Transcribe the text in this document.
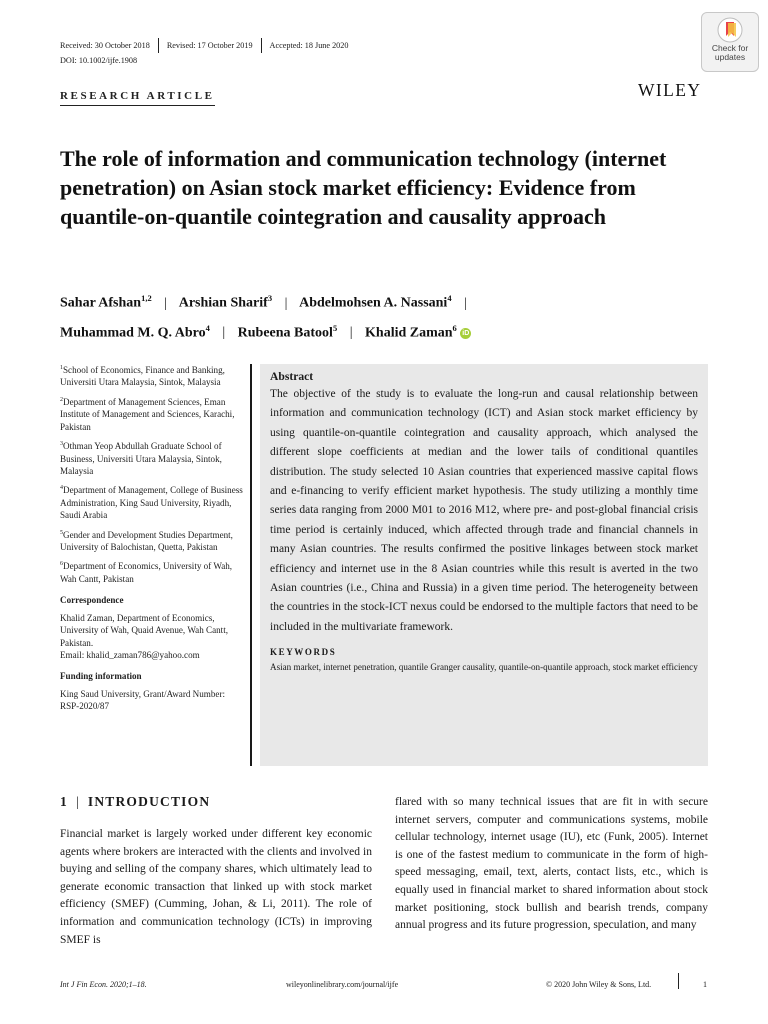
Received: 30 October 2018 Revised: 17 October 2019 Accepted: 18 June 2020
DOI: 10.1002/ijfe.1908
Check for
updates
WILEY
RESEARCH ARTICLE
The role of information and communication technology (internet penetration) on Asian stock market efficiency: Evidence from quantile-on-quantile cointegration and causality approach
Sahar Afshan$^{1,2}$ | Arshian Sharif$^3$ | Abdelmohsen A. Nassani$^4$ |
Muhammad M. Q. Abro$^4$ | Rubeena Batool$^5$ | Khalid Zaman$^6$ iD

$^1$School of Economics, Finance and Banking, Universiti Utara Malaysia, Sintok, Malaysia

$^2$Department of Management Sciences, Eman Institute of Management and Sciences, Karachi, Pakistan

$^3$Othman Yeop Abdullah Graduate School of Business, Universiti Utara Malaysia, Sintok, Malaysia

$^4$Department of Management, College of Business Administration, King Saud University, Riyadh, Saudi Arabia

$^5$Gender and Development Studies Department, University of Balochistan, Quetta, Pakistan

$^6$Department of Economics, University of Wah, Wah Cantt, Pakistan

Correspondence

Khalid Zaman, Department of Economics, University of Wah, Quaid Avenue, Wah Cantt, Pakistan.

Email: khalid_zaman786@yahoo.com

Funding information

King Saud University, Grant/Award Number: RSP-2020/87

Abstract
The objective of the study is to evaluate the long-run and causal relationship between information and communication technology (ICT) and Asian stock market efficiency by using quantile-on-quantile cointegration and causality approach, which analysed the different slope coefficients at median and the lower tails of conditional quantiles distribution. The study selected 10 Asian countries that experienced massive capital flows and e-financing to verify efficient market hypothesis. The study utilizing a monthly time series data ranging from 2000 M01 to 2016 M12, where pre- and post-global financial crisis time period is certainly induced, which affected through trade and financial channels in many Asian countries. The results confirmed the positive linkages between stock market efficiency and internet use in the 8 Asian countries while this result is averted in the two Asian countries (i.e., China and Russia) in a given time period. The heterogeneity between the countries in the stock-ICT nexus could be endorsed to the multiple factors that need to be included in the multivariate framework.
KEYWORDS
Asian market, internet penetration, quantile Granger causality, quantile-on-quantile approach, stock market efficiency
1 | INTRODUCTION
Financial market is largely worked under different key economic agents where brokers are interacted with the clients and involved in buying and selling of the company shares, which ultimately lead to generate economic transaction that linked up with stock market efficiency (SMEF) (Cumming, Johan, & Li, 2011). The role of information and communication technology (ICTs) in improving SMEF is
flared with so many technical issues that are fit in with secure internet servers, computer and communications systems, mobile cellular technology, internet usage (IU), etc (Funk, 2005). Internet is one of the fastest medium to communicate in the form of high-speed messaging, email, text, alerts, contact lists, etc., which is equally used in financial market to shared information about stock market positioning, stock bullish and bearish trends, company annual progress and its future progression, speculation, and many
Int J Fin Econ. 2020;1–18.	wileyonlinelibrary.com/journal/ijfe	© 2020 John Wiley & Sons, Ltd.	1
